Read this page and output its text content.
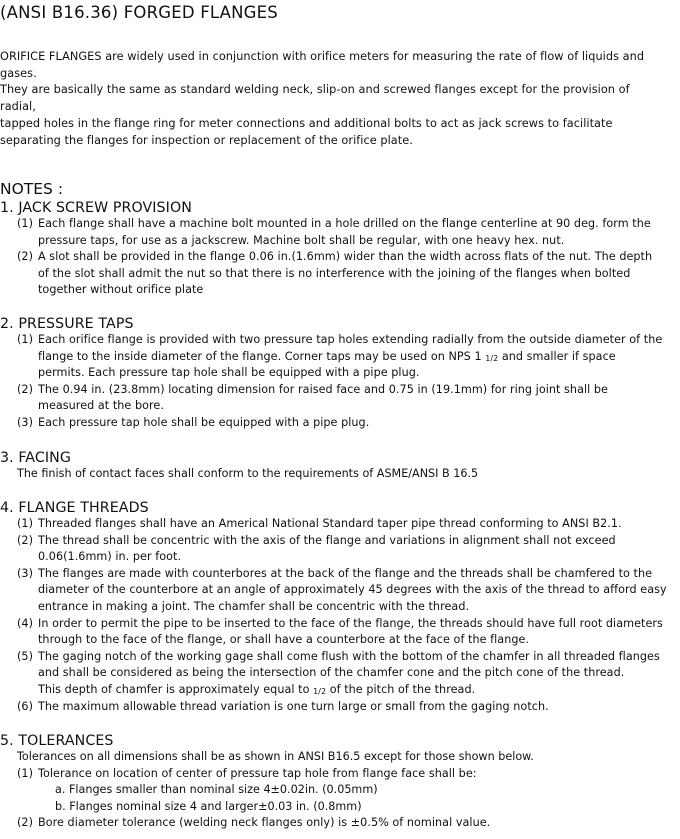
(ANSI B16.36) FORGED FLANGES
ORIFICE FLANGES are widely used in conjunction with orifice meters for measuring the rate of flow of liquids and
gases.
They are basically the same as standard welding neck, slip-on and screwed flanges except for the provision of
radial,
tapped holes in the flange ring for meter connections and additional bolts to act as jack screws to facilitate
separating the flanges for inspection or replacement of the orifice plate.
NOTES :
1. JACK SCREW PROVISION
(1) Each flange shall have a machine bolt mounted in a hole drilled on the flange centerline at 90 deg. form the
pressure taps, for use as a jackscrew. Machine bolt shall be regular, with one heavy hex. nut.
(2) A slot shall be provided in the flange 0.06 in.(1.6mm) wider than the width across flats of the nut. The depth
of the slot shall admit the nut so that there is no interference with the joining of the flanges when bolted
together without orifice plate
2. PRESSURE TAPS
(1) Each orifice flange is provided with two pressure tap holes extending radially from the outside diameter of the
flange to the inside diameter of the flange. Corner taps may be used on NPS 1 $_{1/2}$ and smaller if space
permits. Each pressure tap hole shall be equipped with a pipe plug.
(2) The 0.94 in. (23.8mm) locating dimension for raised face and 0.75 in (19.1mm) for ring joint shall be
measured at the bore.
(3) Each pressure tap hole shall be equipped with a pipe plug.
3. FACING
The finish of contact faces shall conform to the requirements of ASME/ANSI B 16.5
4. FLANGE THREADS
(1) Threaded flanges shall have an Americal National Standard taper pipe thread conforming to ANSI B2.1.
(2) The thread shall be concentric with the axis of the flange and variations in alignment shall not exceed
0.06(1.6mm) in. per foot.
(3) The flanges are made with counterbores at the back of the flange and the threads shall be chamfered to the
diameter of the counterbore at an angle of approximately 45 degrees with the axis of the thread to afford easy
entrance in making a joint. The chamfer shall be concentric with the thread.
(4) In order to permit the pipe to be inserted to the face of the flange, the threads should have full root diameters
through to the face of the flange, or shall have a counterbore at the face of the flange.
(5) The gaging notch of the working gage shall come flush with the bottom of the chamfer in all threaded flanges
and shall be considered as being the intersection of the chamfer cone and the pitch cone of the thread.
This depth of chamfer is approximately equal to $_{1/2}$ of the pitch of the thread.
(6) The maximum allowable thread variation is one turn large or small from the gaging notch.
5. TOLERANCES
Tolerances on all dimensions shall be as shown in ANSI B16.5 except for those shown below.
(1) Tolerance on location of center of pressure tap hole from flange face shall be:
a. Flanges smaller than nominal size 4±0.02in. (0.05mm)
b. Flanges nominal size 4 and larger±0.03 in. (0.8mm)
(2) Bore diameter tolerance (welding neck flanges only) is ±0.5% of nominal value.
